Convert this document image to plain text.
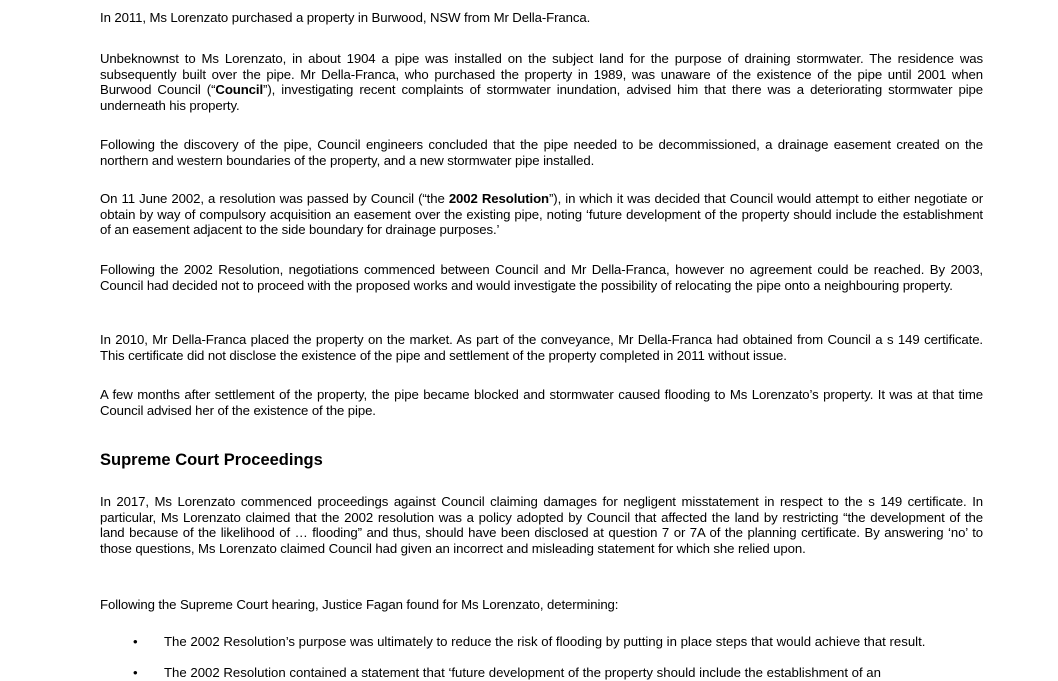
In 2011, Ms Lorenzato purchased a property in Burwood, NSW from Mr Della-Franca.

Unbeknownst to Ms Lorenzato, in about 1904 a pipe was installed on the subject land for the purpose of draining stormwater. The residence was subsequently built over the pipe. Mr Della-Franca, who purchased the property in 1989, was unaware of the existence of the pipe until 2001 when Burwood Council (“Council”), investigating recent complaints of stormwater inundation, advised him that there was a deteriorating stormwater pipe underneath his property.

Following the discovery of the pipe, Council engineers concluded that the pipe needed to be decommissioned, a drainage easement created on the northern and western boundaries of the property, and a new stormwater pipe installed.

On 11 June 2002, a resolution was passed by Council (“the 2002 Resolution”), in which it was decided that Council would attempt to either negotiate or obtain by way of compulsory acquisition an easement over the existing pipe, noting ‘future development of the property should include the establishment of an easement adjacent to the side boundary for drainage purposes.’

Following the 2002 Resolution, negotiations commenced between Council and Mr Della-Franca, however no agreement could be reached. By 2003, Council had decided not to proceed with the proposed works and would investigate the possibility of relocating the pipe onto a neighbouring property.

In 2010, Mr Della-Franca placed the property on the market. As part of the conveyance, Mr Della-Franca had obtained from Council a s 149 certificate. This certificate did not disclose the existence of the pipe and settlement of the property completed in 2011 without issue.

A few months after settlement of the property, the pipe became blocked and stormwater caused flooding to Ms Lorenzato’s property. It was at that time Council advised her of the existence of the pipe.

Supreme Court Proceedings

In 2017, Ms Lorenzato commenced proceedings against Council claiming damages for negligent misstatement in respect to the s 149 certificate. In particular, Ms Lorenzato claimed that the 2002 resolution was a policy adopted by Council that affected the land by restricting “the development of the land because of the likelihood of … flooding” and thus, should have been disclosed at question 7 or 7A of the planning certificate. By answering ‘no’ to those questions, Ms Lorenzato claimed Council had given an incorrect and misleading statement for which she relied upon.

Following the Supreme Court hearing, Justice Fagan found for Ms Lorenzato, determining:

• The 2002 Resolution’s purpose was ultimately to reduce the risk of flooding by putting in place steps that would achieve that result.
• The 2002 Resolution contained a statement that ‘future development of the property should include the establishment of an
